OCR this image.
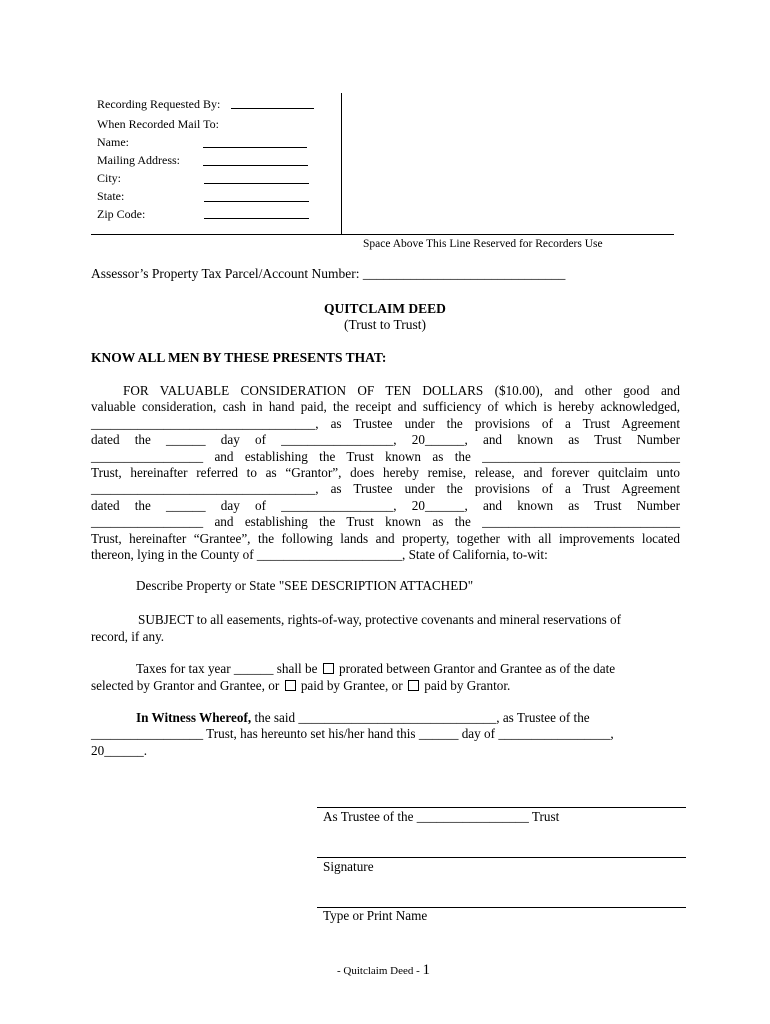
Recording Requested By:
When Recorded Mail To:
Name:
Mailing Address:
City:
State:
Zip Code:
Space Above This Line Reserved for Recorders Use
Assessor’s Property Tax Parcel/Account Number: ______________________________
QUITCLAIM DEED
(Trust to Trust)
KNOW ALL MEN BY THESE PRESENTS THAT:
FOR VALUABLE CONSIDERATION OF TEN DOLLARS ($10.00), and other good and
valuable consideration, cash in hand paid, the receipt and sufficiency of which is hereby acknowledged,
__________________________________, as Trustee under the provisions of a Trust Agreement
dated the ______ day of _________________, 20______, and known as Trust Number
_________________ and establishing the Trust known as the ______________________________
Trust, hereinafter referred to as “Grantor”, does hereby remise, release, and forever quitclaim unto
__________________________________, as Trustee under the provisions of a Trust Agreement
dated the ______ day of _________________, 20______, and known as Trust Number
_________________ and establishing the Trust known as the ______________________________
Trust, hereinafter “Grantee”, the following lands and property, together with all improvements located
thereon, lying in the County of ______________________, State of California, to-wit:
Describe Property or State "SEE DESCRIPTION ATTACHED"
SUBJECT to all easements, rights-of-way, protective covenants and mineral reservations of
record, if any.
Taxes for tax year ______ shall be prorated between Grantor and Grantee as of the date
selected by Grantor and Grantee, or paid by Grantee, or paid by Grantor.
In Witness Whereof, the said ______________________________, as Trustee of the
_________________ Trust, has hereunto set his/her hand this ______ day of _________________,
20______.
As Trustee of the _________________ Trust
Signature
Type or Print Name
- Quitclaim Deed - 1
